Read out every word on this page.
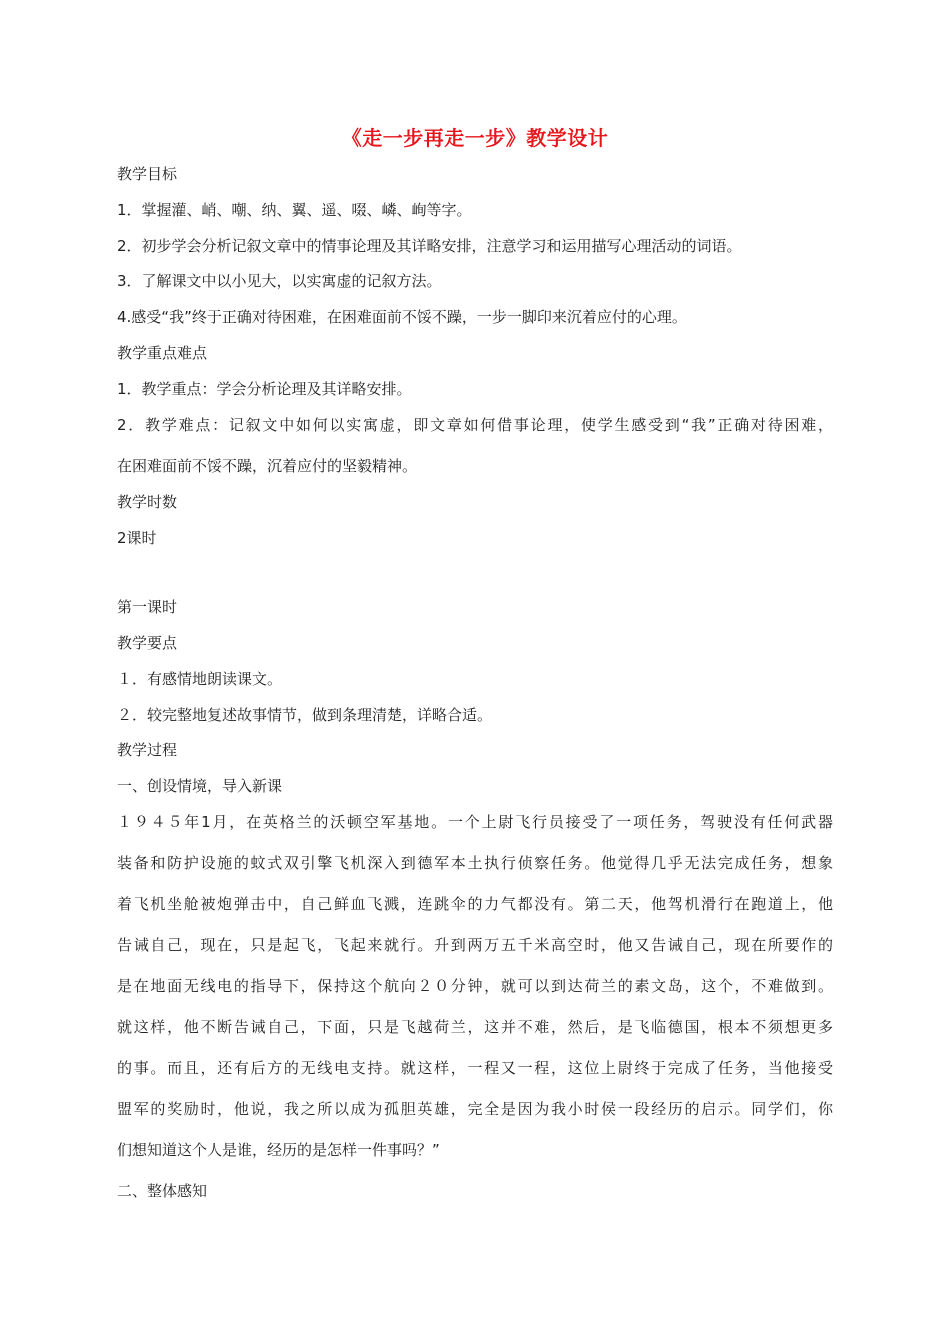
《走一步再走一步》教学设计
教学目标
1．掌握灌、峭、嘲、纳、翼、遥、啜、嶙、峋等字。
2．初步学会分析记叙文章中的情事论理及其详略安排，注意学习和运用描写心理活动的词语。
3．了解课文中以小见大，以实寓虚的记叙方法。
4.感受“我”终于正确对待困难，在困难面前不馁不躁，一步一脚印来沉着应付的心理。
教学重点难点
1．教学重点：学会分析论理及其详略安排。
2．教学难点：记叙文中如何以实寓虚，即文章如何借事论理，使学生感受到“我”正确对待困难，
在困难面前不馁不躁，沉着应付的坚毅精神。
教学时数
2课时
第一课时
教学要点
１．有感情地朗读课文。
２．较完整地复述故事情节，做到条理清楚，详略合适。
教学过程
一、创设情境，导入新课
１９４５年1月，在英格兰的沃顿空军基地。一个上尉飞行员接受了一项任务，驾驶没有任何武器
装备和防护设施的蚊式双引擎飞机深入到德军本土执行侦察任务。他觉得几乎无法完成任务，想象
着飞机坐舱被炮弹击中，自己鲜血飞溅，连跳伞的力气都没有。第二天，他驾机滑行在跑道上，他
告诫自己，现在，只是起飞，飞起来就行。升到两万五千米高空时，他又告诫自己，现在所要作的
是在地面无线电的指导下，保持这个航向２０分钟，就可以到达荷兰的素文岛，这个，不难做到。
就这样，他不断告诫自己，下面，只是飞越荷兰，这并不难，然后，是飞临德国，根本不须想更多
的事。而且，还有后方的无线电支持。就这样，一程又一程，这位上尉终于完成了任务，当他接受
盟军的奖励时，他说，我之所以成为孤胆英雄，完全是因为我小时侯一段经历的启示。同学们，你
们想知道这个人是谁，经历的是怎样一件事吗？”
二、整体感知
